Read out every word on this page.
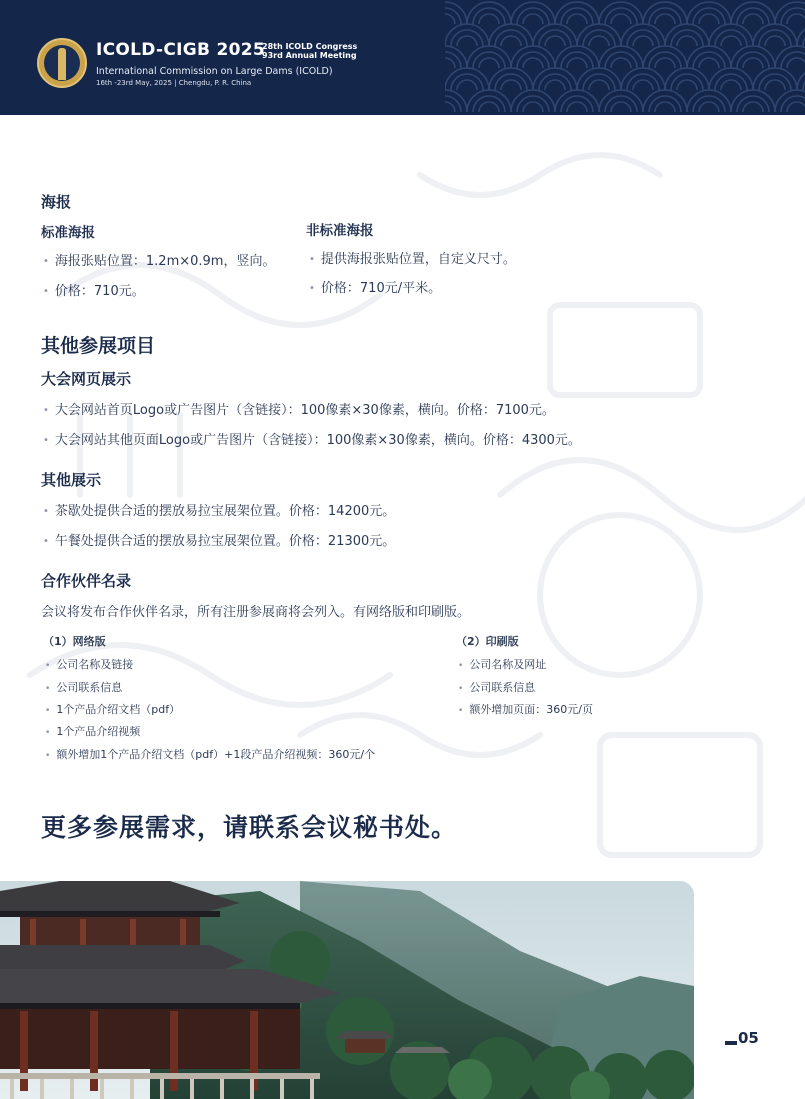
ICOLD-CIGB 2025
28th ICOLD Congress
93rd Annual Meeting
International Commission on Large Dams (ICOLD)
16th -23rd May, 2025 | Chengdu, P. R. China
海报
标准海报
• 海报张贴位置：1.2m×0.9m，竖向。
• 价格：710元。
非标准海报
• 提供海报张贴位置，自定义尺寸。
• 价格：710元/平米。
其他参展项目
大会网页展示
• 大会网站首页Logo或广告图片（含链接）：100像素×30像素，横向。价格：7100元。
• 大会网站其他页面Logo或广告图片（含链接）：100像素×30像素，横向。价格：4300元。
其他展示
• 茶歇处提供合适的摆放易拉宝展架位置。价格：14200元。
• 午餐处提供合适的摆放易拉宝展架位置。价格：21300元。
合作伙伴名录
会议将发布合作伙伴名录，所有注册参展商将会列入。有网络版和印刷版。
（1）网络版
• 公司名称及链接
• 公司联系信息
• 1个产品介绍文档（pdf）
• 1个产品介绍视频
• 额外增加1个产品介绍文档（pdf）+1段产品介绍视频：360元/个
（2）印刷版
• 公司名称及网址
• 公司联系信息
• 额外增加页面：360元/页
更多参展需求，请联系会议秘书处。
05
